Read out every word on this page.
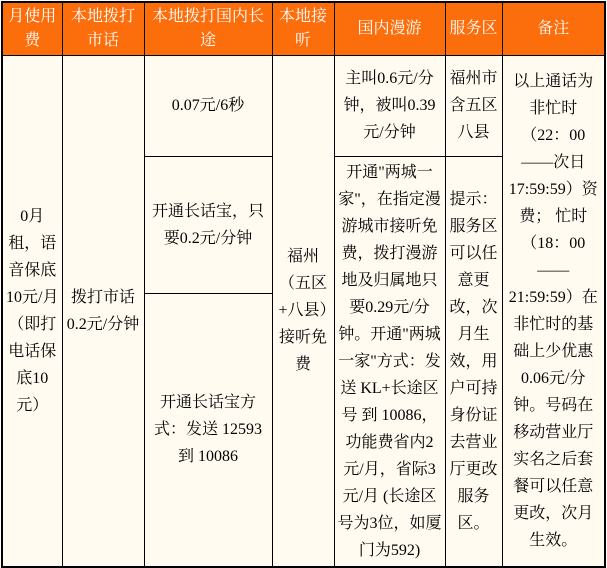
月使用费	本地拨打市话	本地拨打国内长途	本地接听	国内漫游	服务区	备注
0月租，语音保底10元/月（即打电话保底10元）	拨打市话0.2元/分钟	0.07元/6秒	福州（五区+八县）接听免费	主叫0.6元/分钟，被叫0.39元/分钟	福州市含五区八县	以上通话为非忙时（22：00——次日17:59:59）资费； 忙时（18：00——21:59:59）在非忙时的基础上少优惠0.06元/分钟。号码在移动营业厅实名之后套餐可以任意更改，次月生效。
		开通长话宝，只要0.2元/分钟		开通"两城一家"，在指定漫游城市接听免费，拨打漫游地及归属地只要0.29元/分钟。开通"两城一家"方式：发送 KL+长途区号 到 10086，功能费省内2元/月，省际3元/月 (长途区号为3位，如厦门为592)	提示：服务区可以任意更改，次月生效，用户可持身份证去营业厅更改服务区。	
		开通长话宝方式：发送 12593 到 10086				
